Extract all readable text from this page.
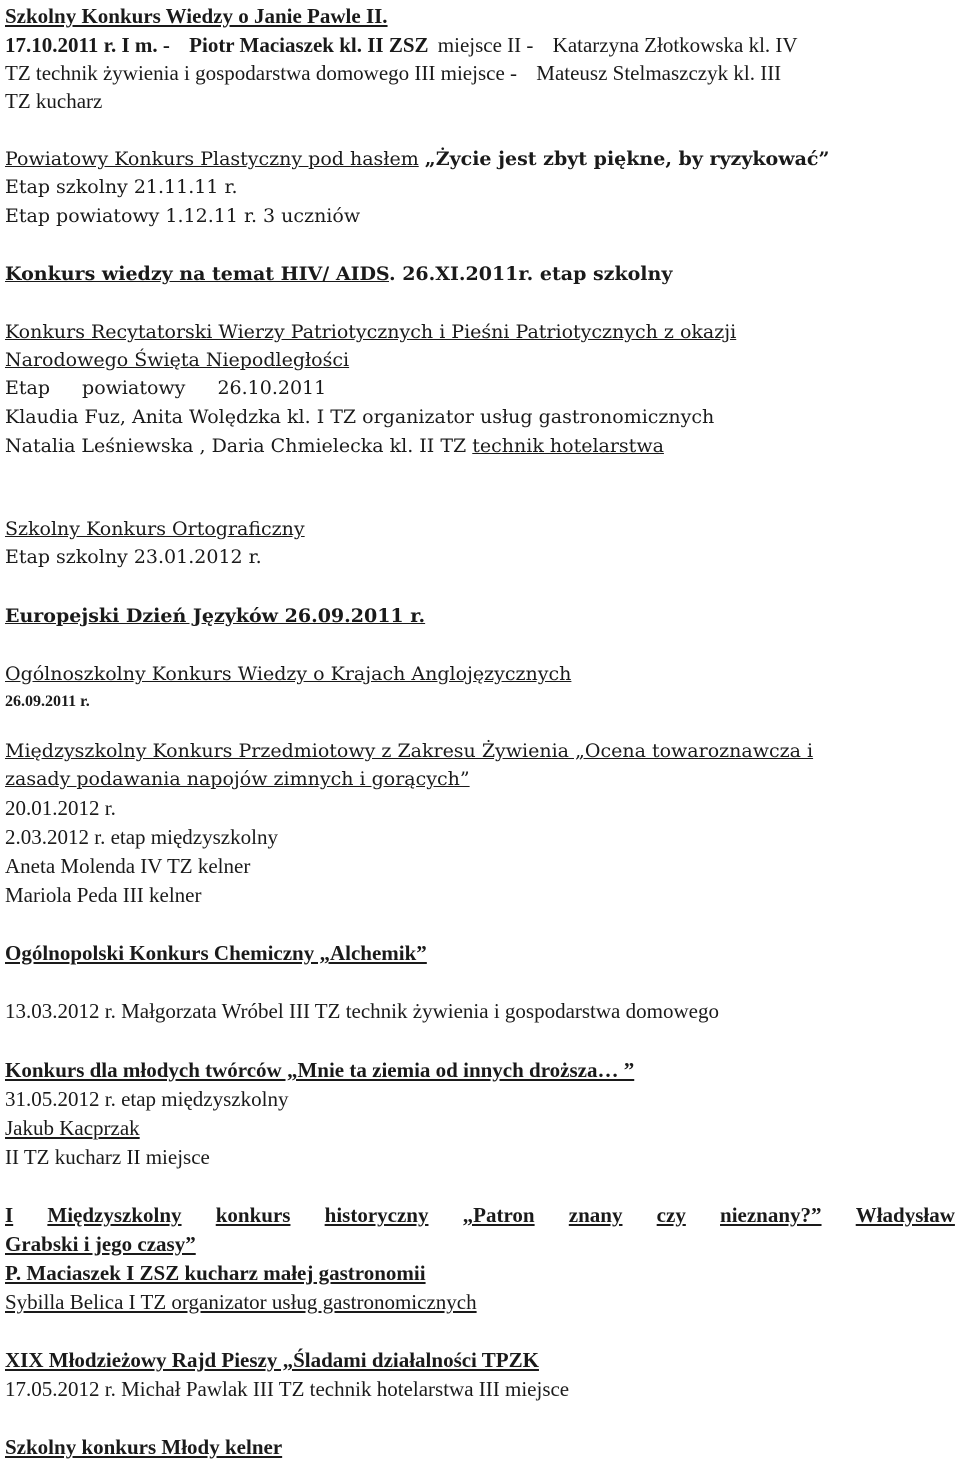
Szkolny Konkurs Wiedzy o Janie Pawle II.
17.10.2011 r. I m. - Piotr Maciaszek kl. II ZSZ miejsce II - Katarzyna Złotkowska kl. IV
TZ technik żywienia i gospodarstwa domowego III miejsce - Mateusz Stelmaszczyk kl. III
TZ kucharz
Powiatowy Konkurs Plastyczny pod hasłem „Życie jest zbyt piękne, by ryzykować”
Etap szkolny 21.11.11 r.
Etap powiatowy 1.12.11 r. 3 uczniów
Konkurs wiedzy na temat HIV/ AIDS. 26.XI.2011r. etap szkolny
Konkurs Recytatorski Wierzy Patriotycznych i Pieśni Patriotycznych z okazji
Narodowego Święta Niepodległości
Etap powiatowy 26.10.2011
Klaudia Fuz, Anita Wolędzka kl. I TZ organizator usług gastronomicznych
Natalia Leśniewska , Daria Chmielecka kl. II TZ technik hotelarstwa
Szkolny Konkurs Ortograficzny
Etap szkolny 23.01.2012 r.
Europejski Dzień Języków 26.09.2011 r.
Ogólnoszkolny Konkurs Wiedzy o Krajach Anglojęzycznych
26.09.2011 r.
Międzyszkolny Konkurs Przedmiotowy z Zakresu Żywienia „Ocena towaroznawcza i
zasady podawania napojów zimnych i gorących”
20.01.2012 r.
2.03.2012 r. etap międzyszkolny
Aneta Molenda IV TZ kelner
Mariola Peda III kelner
Ogólnopolski Konkurs Chemiczny „Alchemik”
13.03.2012 r. Małgorzata Wróbel III TZ technik żywienia i gospodarstwa domowego
Konkurs dla młodych twórców „Mnie ta ziemia od innych droższa… ”
31.05.2012 r. etap międzyszkolny
Jakub Kacprzak
II TZ kucharz II miejsce
I Międzyszkolny konkurs historyczny „Patron znany czy nieznany?” Władysław
Grabski i jego czasy”
P. Maciaszek I ZSZ kucharz małej gastronomii
Sybilla Belica I TZ organizator usług gastronomicznych
XIX Młodzieżowy Rajd Pieszy „Śladami działalności TPZK
17.05.2012 r. Michał Pawlak III TZ technik hotelarstwa III miejsce
Szkolny konkurs Młody kelner
